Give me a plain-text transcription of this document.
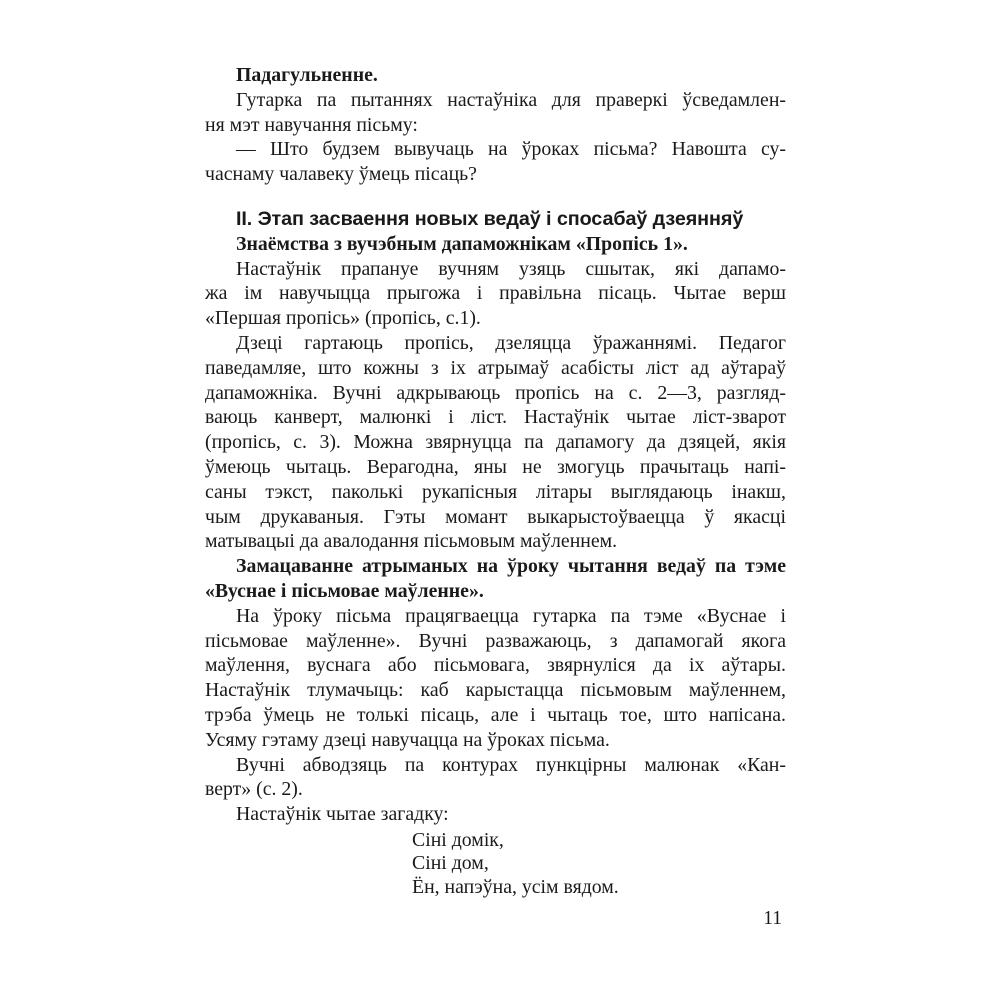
Падагульненне.

Гутарка па пытаннях настаўніка для праверкі ўсведамлен-

ня мэт навучання пісьму:

— Што будзем вывучаць на ўроках пісьма? Навошта су-

часнаму чалавеку ўмець пісаць?

II. Этап засваення новых ведаў і спосабаў дзеянняў

Знаёмства з вучэбным дапаможнікам «Пропісь 1».

Настаўнік прапануе вучням узяць сшытак, які дапамо-

жа ім навучыцца прыгожа і правільна пісаць. Чытае верш

«Першая пропісь» (пропісь, с.1).

Дзеці гартаюць пропісь, дзеляцца ўражаннямі. Педагог

паведамляе, што кожны з іх атрымаў асабісты ліст ад аўтараў

дапаможніка. Вучні адкрываюць пропісь на с. 2—3, разгляд-

ваюць канверт, малюнкі і ліст. Настаўнік чытае ліст-зварот

(пропісь, с. 3). Можна звярнуцца па дапамогу да дзяцей, якія

ўмеюць чытаць. Верагодна, яны не змогуць прачытаць напі-

саны тэкст, паколькі рукапісныя літары выглядаюць інакш,

чым друкаваныя. Гэты момант выкарыстоўваецца ў якасці

матывацыі да авалодання пісьмовым маўленнем.

Замацаванне атрыманых на ўроку чытання ведаў па тэме

«Вуснае і пісьмовае маўленне».

На ўроку пісьма працягваецца гутарка па тэме «Вуснае і

пісьмовае маўленне». Вучні разважаюць, з дапамогай якога

маўлення, вуснага або пісьмовага, звярнуліся да іх аўтары.

Настаўнік тлумачыць: каб карыстацца пісьмовым маўленнем,

трэба ўмець не толькі пісаць, але і чытаць тое, што напісана.

Усяму гэтаму дзеці навучацца на ўроках пісьма.

Вучні абводзяць па контурах пункцірны малюнак «Кан-

верт» (с. 2).

Настаўнік чытае загадку:

Сіні домік,

Сіні дом,

Ён, напэўна, усім вядом.

11
